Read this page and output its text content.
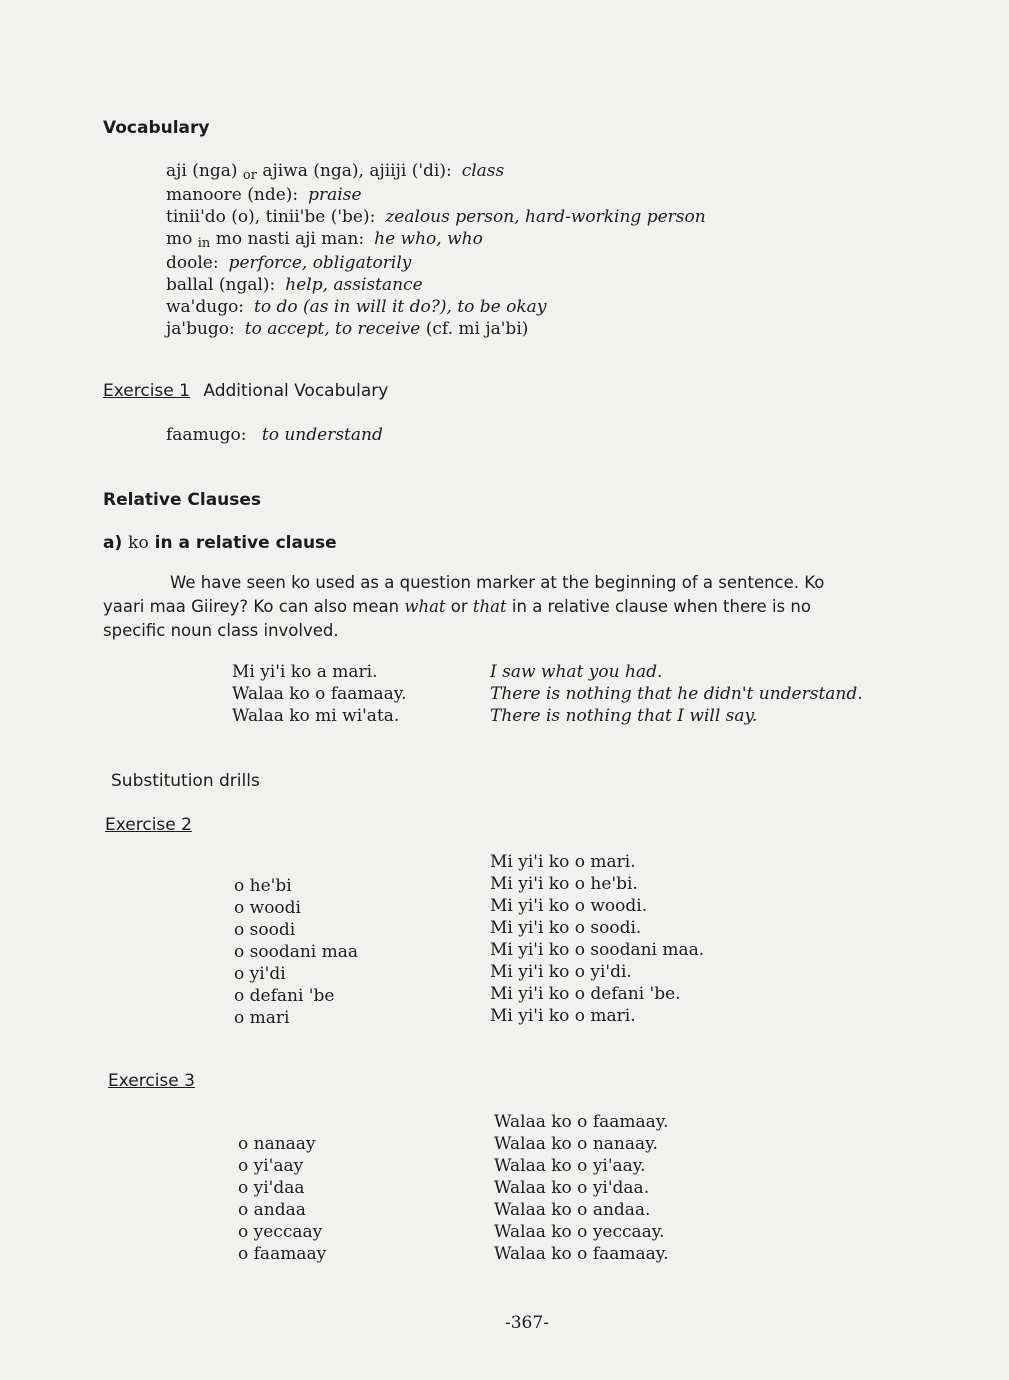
Vocabulary
aji (nga) or ajiwa (nga), ajiiji ('di): class
manoore (nde): praise
tinii'do (o), tinii'be ('be): zealous person, hard-working person
mo in mo nasti aji man: he who, who
doole: perforce, obligatorily
ballal (ngal): help, assistance
wa'dugo: to do (as in will it do?), to be okay
ja'bugo: to accept, to receive (cf. mi ja'bi)
Exercise 1 Additional Vocabulary
faamugo: to understand
Relative Clauses
a) ko in a relative clause
We have seen ko used as a question marker at the beginning of a sentence. Ko
yaari maa Giirey? Ko can also mean what or that in a relative clause when there is no
specific noun class involved.
Mi yi'i ko a mari.
Walaa ko o faamaay.
Walaa ko mi wi'ata.
I saw what you had.
There is nothing that he didn't understand.
There is nothing that I will say.
Substitution drills
Exercise 2
o he'bi
o woodi
o soodi
o soodani maa
o yi'di
o defani 'be
o mari
Mi yi'i ko o mari.
Mi yi'i ko o he'bi.
Mi yi'i ko o woodi.
Mi yi'i ko o soodi.
Mi yi'i ko o soodani maa.
Mi yi'i ko o yi'di.
Mi yi'i ko o defani 'be.
Mi yi'i ko o mari.
Exercise 3
o nanaay
o yi'aay
o yi'daa
o andaa
o yeccaay
o faamaay
Walaa ko o faamaay.
Walaa ko o nanaay.
Walaa ko o yi'aay.
Walaa ko o yi'daa.
Walaa ko o andaa.
Walaa ko o yeccaay.
Walaa ko o faamaay.
-367-
